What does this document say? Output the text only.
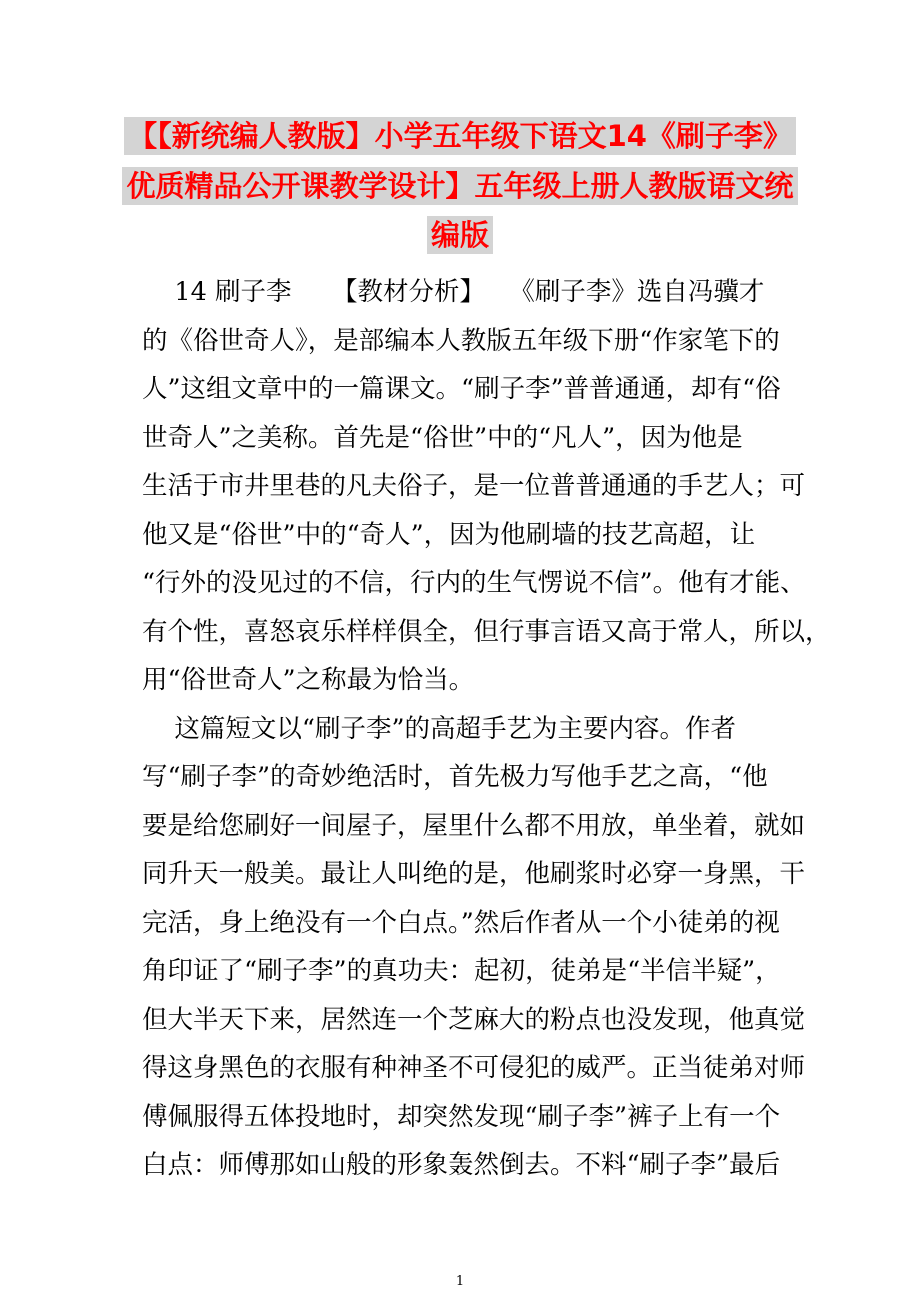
【【新统编人教版】小学五年级下语文14《刷子李》
优质精品公开课教学设计】五年级上册人教版语文统
编版
14 刷子李     【教材分析】   《刷子李》选自冯骥才
的《俗世奇人》，是部编本人教版五年级下册“作家笔下的
人”这组文章中的一篇课文。“刷子李”普普通通，却有“俗
世奇人”之美称。首先是“俗世”中的“凡人”，因为他是
生活于市井里巷的凡夫俗子，是一位普普通通的手艺人；可
他又是“俗世”中的“奇人”，因为他刷墙的技艺高超，让
“行外的没见过的不信，行内的生气愣说不信”。他有才能、
有个性，喜怒哀乐样样俱全，但行事言语又高于常人，所以，
用“俗世奇人”之称最为恰当。
这篇短文以“刷子李”的高超手艺为主要内容。作者
写“刷子李”的奇妙绝活时，首先极力写他手艺之高，“他
要是给您刷好一间屋子，屋里什么都不用放，单坐着，就如
同升天一般美。最让人叫绝的是，他刷浆时必穿一身黑，干
完活，身上绝没有一个白点。”然后作者从一个小徒弟的视
角印证了“刷子李”的真功夫：起初，徒弟是“半信半疑”，
但大半天下来，居然连一个芝麻大的粉点也没发现，他真觉
得这身黑色的衣服有种神圣不可侵犯的威严。正当徒弟对师
傅佩服得五体投地时，却突然发现“刷子李”裤子上有一个
白点：师傅那如山般的形象轰然倒去。不料“刷子李”最后
1
